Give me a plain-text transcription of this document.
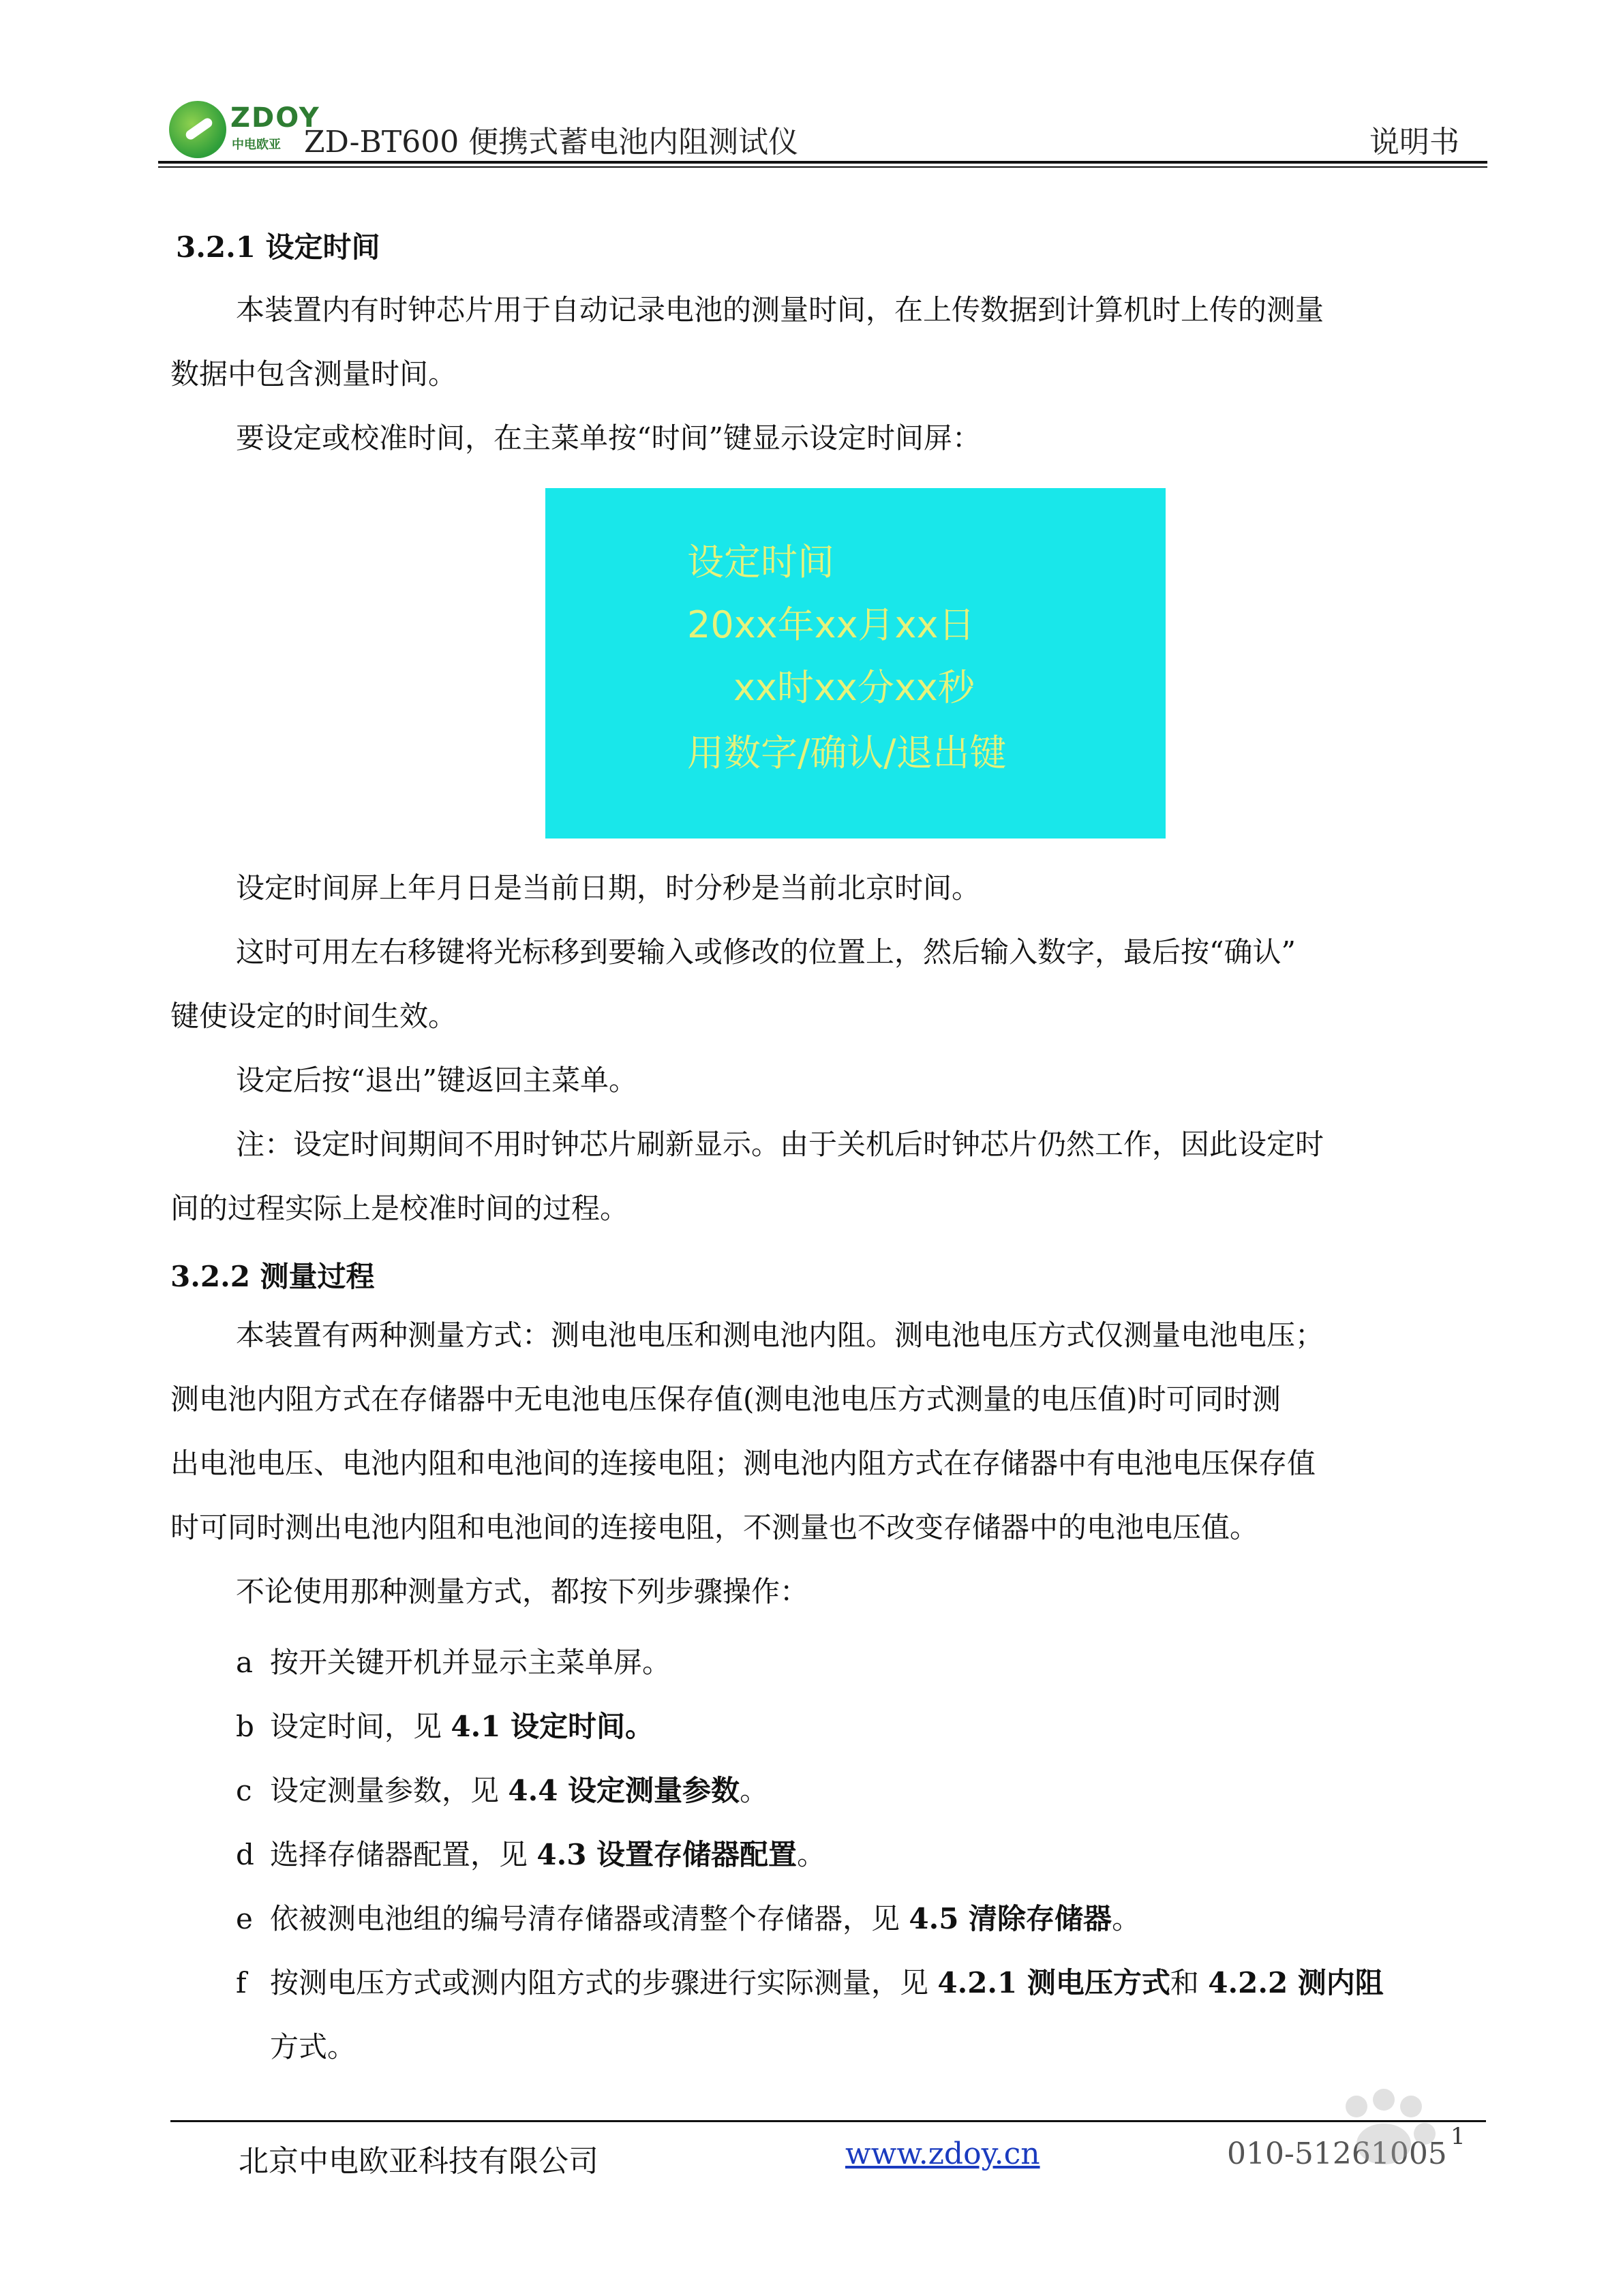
ZDOY
中电欧亚 ZD-BT600 便携式蓄电池内阻测试仪	说明书
3.2.1 设定时间
本装置内有时钟芯片用于自动记录电池的测量时间，在上传数据到计算机时上传的测量
数据中包含测量时间。
要设定或校准时间，在主菜单按“时间”键显示设定时间屏：
设定时间
20xx年xx月xx日
xx时xx分xx秒
用数字/确认/退出键
设定时间屏上年月日是当前日期，时分秒是当前北京时间。
这时可用左右移键将光标移到要输入或修改的位置上，然后输入数字，最后按“确认”
键使设定的时间生效。
设定后按“退出”键返回主菜单。
注：设定时间期间不用时钟芯片刷新显示。由于关机后时钟芯片仍然工作，因此设定时
间的过程实际上是校准时间的过程。
3.2.2 测量过程
本装置有两种测量方式：测电池电压和测电池内阻。测电池电压方式仅测量电池电压；
测电池内阻方式在存储器中无电池电压保存值(测电池电压方式测量的电压值)时可同时测
出电池电压、电池内阻和电池间的连接电阻；测电池内阻方式在存储器中有电池电压保存值
时可同时测出电池内阻和电池间的连接电阻，不测量也不改变存储器中的电池电压值。
不论使用那种测量方式，都按下列步骤操作：
a 按开关键开机并显示主菜单屏。
b 设定时间，见 4.1 设定时间。
c 设定测量参数，见 4.4 设定测量参数。
d 选择存储器配置，见 4.3 设置存储器配置。
e 依被测电池组的编号清存储器或清整个存储器，见 4.5 清除存储器。
f 按测电压方式或测内阻方式的步骤进行实际测量，见 4.2.1 测电压方式和 4.2.2 测内阻
方式。
北京中电欧亚科技有限公司	www.zdoy.cn	010-51261005 1
